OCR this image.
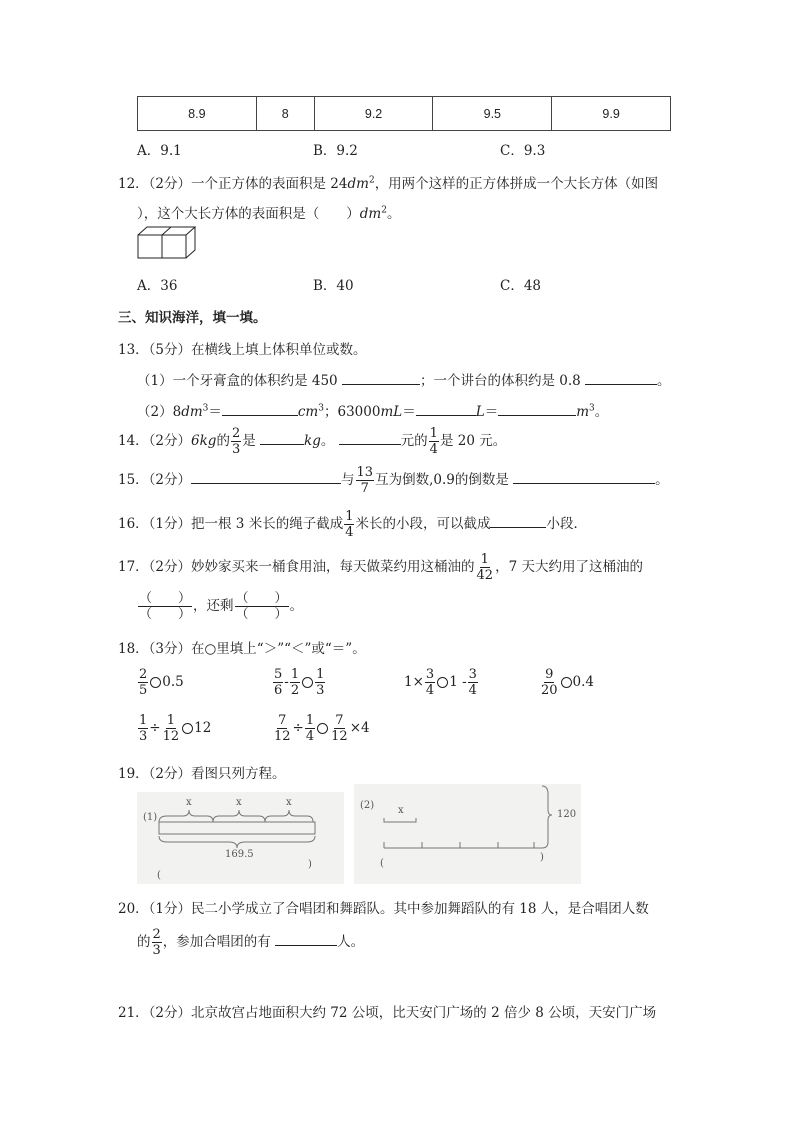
8.9	8	9.2	9.5	9.9
A．9.1	B．9.2	C．9.3
12．（2分）一个正方体的表面积是 $24dm^2$，用两个这样的正方体拼成一个大长方体（如图
），这个大长方体的表面积是（　　）$dm^2$。
A．36	B．40	C．48
三、知识海洋，填一填。
13．（5分）在横线上填上体积单位或数。
（1）一个牙膏盒的体积约是 450	；一个讲台的体积约是 0.8	。
$(2)8dm^3=$	$cm^3$；63000mL＝	L＝	$m^3$。
14．（2分）6kg的 $\frac{2}{3}$ 是	kg。	元的 $\frac{1}{4}$ 是 20 元。
15．（2分）	与 $\frac{13}{7}$ 互为倒数,0.9的倒数是	。
16．（1分）把一根 3 米长的绳子截成 $\frac{1}{4}$ 米长的小段，可以截成	小段．
17．（2分）妙妙家买来一桶食用油，每天做菜约用这桶油的 $\frac{1}{42}$ ，7 天大约用了这桶油的
$\frac{( )}{( )}$ ，还剩 $\frac{( )}{( )}$ 。
18．（3分）在○里填上“＞”“＜”或“＝”。
$\frac{2}{5} 0.5$	$\frac{5}{6} - \frac{1}{2} \frac{1}{3}$	$1\times \frac{3}{4} 1 - \frac{3}{4}$	$\frac{9}{20} 0.4$
$\frac{1}{3} \div \frac{1}{12} 12$	$\frac{7}{12} \div \frac{1}{4} \frac{7}{12} \times 4$
19．（2分）看图只列方程。
(1)
x	x	x
169.5
(
)
(2) x	120
(
)
20．（1分）民二小学成立了合唱团和舞蹈队。其中参加舞蹈队的有 18 人，是合唱团人数
的 $\frac{2}{3}$ ，参加合唱团的有	人。
21．（2分）北京故宫占地面积大约 72 公顷，比天安门广场的 2 倍少 8 公顷，天安门广场
